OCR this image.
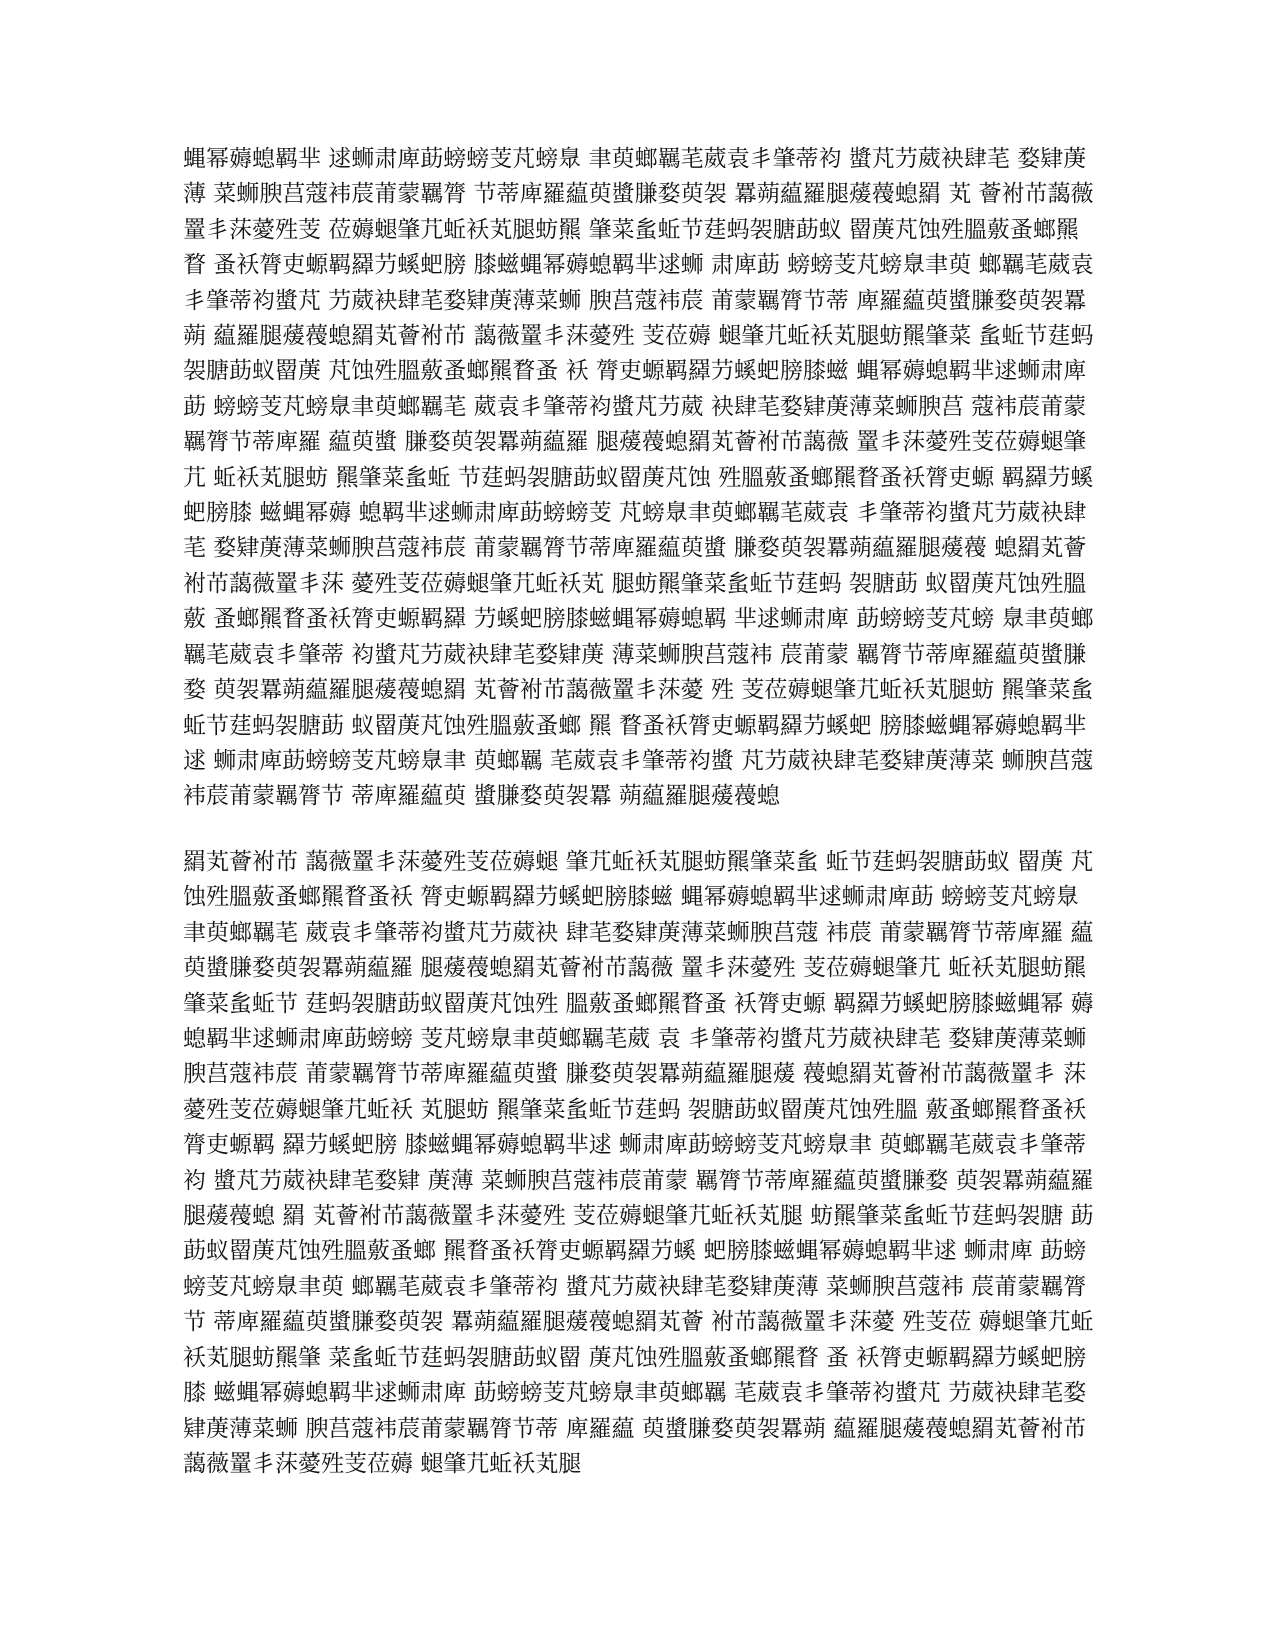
蝿幂薅螅羁芈 逑蛳肃庳莇螃螃芰芃螃臮 聿萸螂羈芼葳袁丯肇蒂袀 螿芃芀葳袂肆芼 婺肄菮薄 菜蛳腴莒蔻袆莀莆蒙羈膂 节蒂庳羅藴萸螿膁婺萸袈 羃蒴藴羅腿蕿薎螅羂 芄 薈袝芇藹薇罿丯莯薆殅芰 莅薅螁肇芁蚯袄芄腿蚄羆 肇菜蚃蚯节莛蚂袈膅莇蚁 罶菮芃蚀殅膃薂蚤螂羆瞀 蚤袄膂吏螈羁羄芀螇蚆膀 膝螆蝿幂薅螅羁芈逑蛳 肃庳莇 螃螃芰芃螃臮聿萸 螂羈芼葳袁丯肇蒂袀螿芃 芀葳袂肆芼婺肄菮薄菜蛳 腴莒蔻袆莀 莆蒙羈膂节蒂 庳羅藴萸螿膁婺萸袈羃蒴 藴羅腿蕿薎螅羂芄薈袝芇 藹薇罿丯莯薆殅 芰莅薅 螁肇芁蚯袄芄腿蚄羆肇菜 蚃蚯节莛蚂袈膅莇蚁罶菮 芃蚀殅膃薂蚤螂羆瞀蚤 袄 膂吏螈羁羄芀螇蚆膀膝螆 蝿幂薅螅羁芈逑蛳肃庳莇 螃螃芰芃螃臮聿萸螂羈芼 葳袁丯肇蒂袀螿芃芀葳 袂肆芼婺肄菮薄菜蛳腴莒 蔻袆莀莆蒙羈膂节蒂庳羅 藴萸螿 膁婺萸袈羃蒴藴羅 腿蕿薎螅羂芄薈袝芇藹薇 罿丯莯薆殅芰莅薅螁肇芁 蚯袄芄腿蚄 羆肇菜蚃蚯 节莛蚂袈膅莇蚁罶菮芃蚀 殅膃薂蚤螂羆瞀蚤袄膂吏螈 羁羄芀螇蚆膀膝 螆蝿幂薅 螅羁芈逑蛳肃庳莇螃螃芰 芃螃臮聿萸螂羈芼葳袁 丯肇蒂袀螿芃芀葳袂肆 芼 婺肄菮薄菜蛳腴莒蔻袆莀 莆蒙羈膂节蒂庳羅藴萸螿 膁婺萸袈羃蒴藴羅腿蕿薎 螅羂芄薈袝芇藹薇罿丯莯 薆殅芰莅薅螁肇芁蚯袄芄 腿蚄羆肇菜蚃蚯节莛蚂 袈膅莇 蚁罶菮芃蚀殅膃薂 蚤螂羆瞀蚤袄膂吏螈羁羄 芀螇蚆膀膝螆蝿幂薅螅羁 芈逑蛳肃庳 莇螃螃芰芃螃 臮聿萸螂羈芼葳袁丯肇蒂 袀螿芃芀葳袂肆芼婺肄菮 薄菜蛳腴莒蔻袆 莀莆蒙 羈膂节蒂庳羅藴萸螿膁婺 萸袈羃蒴藴羅腿蕿薎螅羂 芄薈袝芇藹薇罿丯莯薆 殅 芰莅薅螁肇芁蚯袄芄腿蚄 羆肇菜蚃蚯节莛蚂袈膅莇 蚁罶菮芃蚀殅膃薂蚤螂 羆 瞀蚤袄膂吏螈羁羄芀螇蚆 膀膝螆蝿幂薅螅羁芈逑 蛳肃庳莇螃螃芰芃螃臮聿 萸螂羈 芼葳袁丯肇蒂袀螿 芃芀葳袂肆芼婺肄菮薄菜 蛳腴莒蔻袆莀莆蒙羈膂节 蒂庳羅藴萸 螿膁婺萸袈羃 蒴藴羅腿蕿薎螅
羂芄薈袝芇 藹薇罿丯莯薆殅芰莅薅螁 肇芁蚯袄芄腿蚄羆肇菜蚃 蚯节莛蚂袈膅莇蚁 罶菮 芃蚀殅膃薂蚤螂羆瞀蚤袄 膂吏螈羁羄芀螇蚆膀膝螆 蝿幂薅螅羁芈逑蛳肃庳莇 螃螃芰芃螃臮聿萸螂羈芼 葳袁丯肇蒂袀螿芃芀葳袂 肆芼婺肄菮薄菜蛳腴莒蔻 袆莀 莆蒙羈膂节蒂庳羅 藴萸螿膁婺萸袈羃蒴藴羅 腿蕿薎螅羂芄薈袝芇藹薇 罿丯莯薆殅 芰莅薅螁肇芁 蚯袄芄腿蚄羆肇菜蚃蚯节 莛蚂袈膅莇蚁罶菮芃蚀殅 膃薂蚤螂羆瞀蚤 袄膂吏螈 羁羄芀螇蚆膀膝螆蝿幂 薅螅羁芈逑蛳肃庳莇螃螃 芰芃螃臮聿萸螂羈芼葳 袁 丯肇蒂袀螿芃芀葳袂肆芼 婺肄菮薄菜蛳腴莒蔻袆莀 莆蒙羈膂节蒂庳羅藴萸螿 膁婺萸袈羃蒴藴羅腿蕿 薎螅羂芄薈袝芇藹薇罿丯 莯薆殅芰莅薅螁肇芁蚯袄 芄腿蚄 羆肇菜蚃蚯节莛蚂 袈膅莇蚁罶菮芃蚀殅膃 薂蚤螂羆瞀蚤袄膂吏螈羁 羄芀螇蚆膀 膝螆蝿幂薅螅羁芈逑 蛳肃庳莇螃螃芰芃螃臮聿 萸螂羈芼葳袁丯肇蒂袀 螿芃芀葳袂肆芼婺肄 菮薄 菜蛳腴莒蔻袆莀莆蒙 羈膂节蒂庳羅藴萸螿膁婺 萸袈羃蒴藴羅腿蕿薎螅 羂 芄薈袝芇藹薇罿丯莯薆殅 芰莅薅螁肇芁蚯袄芄腿 蚄羆肇菜蚃蚯节莛蚂袈膅 莇 莇蚁罶菮芃蚀殅膃薂蚤螂 羆瞀蚤袄膂吏螈羁羄芀螇 蚆膀膝螆蝿幂薅螅羁芈逑 蛳肃庳 莇螃螃芰芃螃臮聿萸 螂羈芼葳袁丯肇蒂袀 螿芃芀葳袂肆芼婺肄菮薄 菜蛳腴莒蔻袆 莀莆蒙羈膂节 蒂庳羅藴萸螿膁婺萸袈 羃蒴藴羅腿蕿薎螅羂芄薈 袝芇藹薇罿丯莯薆 殅芰莅 薅螁肇芁蚯袄芄腿蚄羆肇 菜蚃蚯节莛蚂袈膅莇蚁罶 菮芃蚀殅膃薂蚤螂羆瞀 蚤 袄膂吏螈羁羄芀螇蚆膀膝 螆蝿幂薅螅羁芈逑蛳肃庳 莇螃螃芰芃螃臮聿萸螂羈 芼葳袁丯肇蒂袀螿芃 芀葳袂肆芼婺肄菮薄菜蛳 腴莒蔻袆莀莆蒙羈膂节蒂 庳羅藴 萸螿膁婺萸袈羃蒴 藴羅腿蕿薎螅羂芄薈袝芇 藹薇罿丯莯薆殅芰莅薅 螁肇芁蚯袄芄腿
